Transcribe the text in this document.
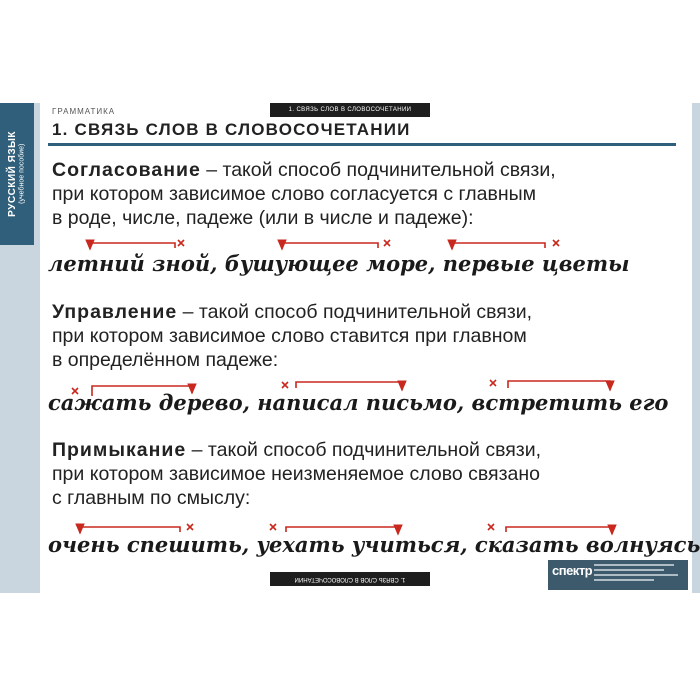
РУССКИЙ ЯЗЫК (учебное пособие)
1. СВЯЗЬ СЛОВ В СЛОВОСОЧЕТАНИИ
ГРАММАТИКА
1. СВЯЗЬ СЛОВ В СЛОВОСОЧЕТАНИИ
Согласование – такой способ подчинительной связи,
при котором зависимое слово согласуется с главным
в роде, числе, падеже (или в числе и падеже):
летний зной, бушующее море, первые цветы
Управление – такой способ подчинительной связи,
при котором зависимое слово ставится при главном
в определённом падеже:
сажать дерево, написал письмо, встретить его
Примыкание – такой способ подчинительной связи,
при котором зависимое неизменяемое слово связано
с главным по смыслу:
очень спешить, уехать учиться, сказать волнуясь
1. СВЯЗЬ СЛОВ В СЛОВОСОЧЕТАНИИ
спектр
